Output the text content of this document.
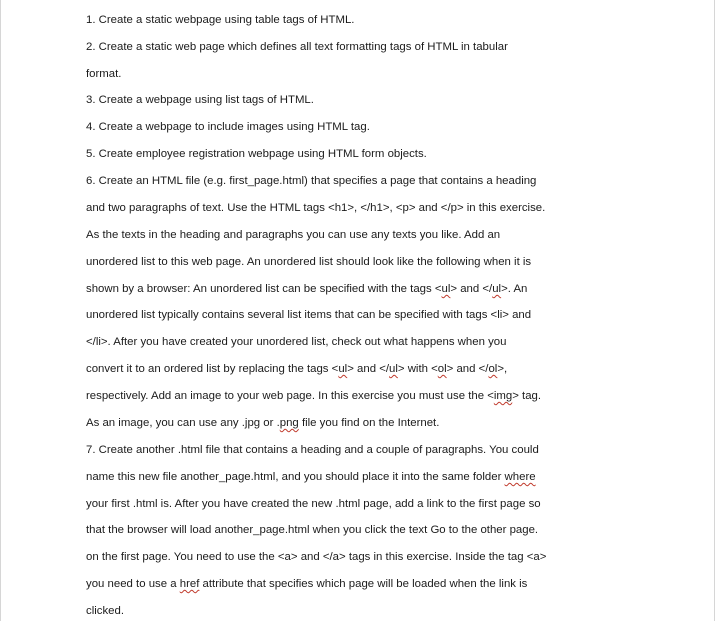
1. Create a static webpage using table tags of HTML.
2. Create a static web page which defines all text formatting tags of HTML in tabular
format.
3. Create a webpage using list tags of HTML.
4. Create a webpage to include images using HTML tag.
5. Create employee registration webpage using HTML form objects.
6. Create an HTML file (e.g. first_page.html) that specifies a page that contains a heading
and two paragraphs of text. Use the HTML tags <h1>, </h1>, <p> and </p> in this exercise.
As the texts in the heading and paragraphs you can use any texts you like. Add an
unordered list to this web page. An unordered list should look like the following when it is
shown by a browser: An unordered list can be specified with the tags <ul> and </ul>. An
unordered list typically contains several list items that can be specified with tags <li> and
</li>. After you have created your unordered list, check out what happens when you
convert it to an ordered list by replacing the tags <ul> and </ul> with <ol> and </ol>,
respectively. Add an image to your web page. In this exercise you must use the <img> tag.
As an image, you can use any .jpg or .png file you find on the Internet.
7. Create another .html file that contains a heading and a couple of paragraphs. You could
name this new file another_page.html, and you should place it into the same folder where
your first .html is. After you have created the new .html page, add a link to the first page so
that the browser will load another_page.html when you click the text Go to the other page.
on the first page. You need to use the <a> and </a> tags in this exercise. Inside the tag <a>
you need to use a href attribute that specifies which page will be loaded when the link is
clicked.
